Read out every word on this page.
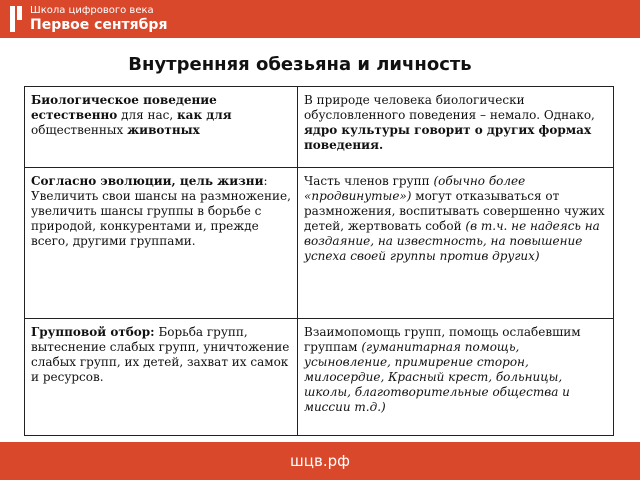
Школа цифрового века
Первое сентября
Внутренняя обезьяна и личность
Биологическое поведение естественно для нас, как для общественных животных	В природе человека биологически обусловленного поведения – немало. Однако, ядро культуры говорит о других формах поведения.
Согласно эволюции, цель жизни: Увеличить свои шансы на размножение, увеличить шансы группы в борьбе с природой, конкурентами и, прежде всего, другими группами.	Часть членов групп (обычно более «продвинутые») могут отказываться от размножения, воспитывать совершенно чужих детей, жертвовать собой (в т.ч. не надеясь на воздаяние, на известность, на повышение успеха своей группы против других)
Групповой отбор: Борьба групп, вытеснение слабых групп, уничтожение слабых групп, их детей, захват их самок и ресурсов.	Взаимопомощь групп, помощь ослабевшим группам (гуманитарная помощь, усыновление, примирение сторон, милосердие, Красный крест, больницы, школы, благотворительные общества и миссии т.д.)
шцв.рф
